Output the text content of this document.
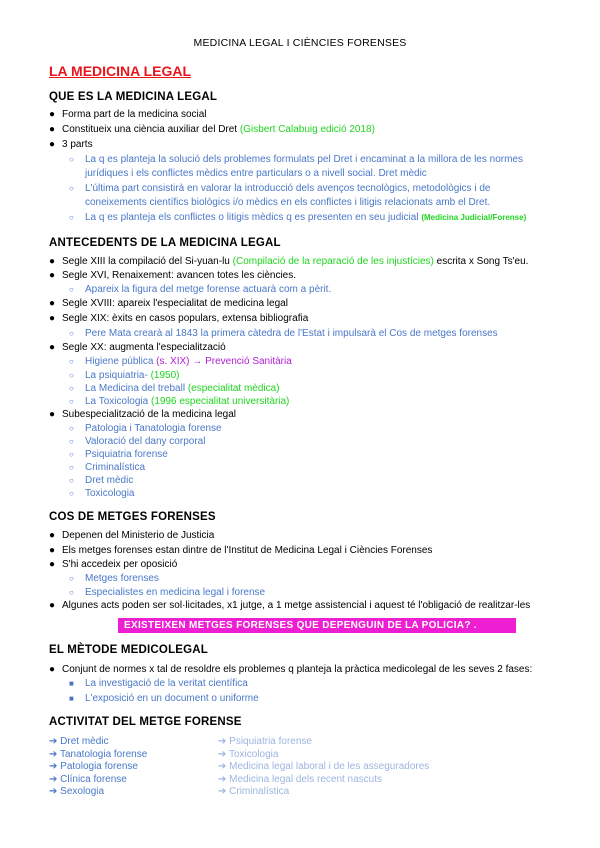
MEDICINA LEGAL I CIÈNCIES FORENSES
LA MEDICINA LEGAL
QUE ES LA MEDICINA LEGAL
● Forma part de la medicina social
● Constitueix una ciència auxiliar del Dret (Gisbert Calabuig edició 2018)
● 3 parts
○ La q es planteja la solució dels problemes formulats pel Dret i encaminat a la millora de les normes
jurídiques i els conflictes mèdics entre particulars o a nivell social. Dret mèdic
○ L'última part consistirà en valorar la introducció dels avenços tecnològics, metodològics i de
coneixements científics biològics i/o mèdics en els conflictes i litigis relacionats amb el Dret.
○ La q es planteja els conflictes o litigis mèdics q es presenten en seu judicial (Medicina Judicial/Forense)
ANTECEDENTS DE LA MEDICINA LEGAL
● Segle XIII la compilació del Si-yuan-lu (Compilació de la reparació de les injustícies) escrita x Song Ts'eu.
● Segle XVI, Renaixement: avancen totes les ciències.
○ Apareix la figura del metge forense actuarà com a pèrit.
● Segle XVIII: apareix l'especialitat de medicina legal
● Segle XIX: èxits en casos populars, extensa bibliografia
○ Pere Mata crearà al 1843 la primera càtedra de l'Estat i impulsarà el Cos de metges forenses
● Segle XX: augmenta l'especialització
○ Higiene pública (s. XIX) → Prevenció Sanitària
○ La psiquiatria- (1950)
○ La Medicina del treball (especialitat mèdica)
○ La Toxicologia (1996 especialitat universitària)
● Subespecialització de la medicina legal
○ Patologia i Tanatologia forense
○ Valoració del dany corporal
○ Psiquiatria forense
○ Criminalística
○ Dret mèdic
○ Toxicologia
COS DE METGES FORENSES
● Depenen del Ministerio de Justicia
● Els metges forenses estan dintre de l'Institut de Medicina Legal i Ciències Forenses
● S'hi accedeix per oposició
○ Metges forenses
○ Especialistes en medicina legal i forense
● Algunes acts poden ser sol·licitades, x1 jutge, a 1 metge assistencial i aquest té l'obligació de realitzar-les
EXISTEIXEN METGES FORENSES QUE DEPENGUIN DE LA POLICIA? .
EL MÈTODE MEDICOLEGAL
● Conjunt de normes x tal de resoldre els problemes q planteja la pràctica medicolegal de les seves 2 fases:
■ La investigació de la veritat científica
■ L'exposició en un document o uniforme
ACTIVITAT DEL METGE FORENSE
➔ Dret mèdic
➔ Tanatologia forense
➔ Patologia forense
➔ Clínica forense
➔ Sexologia
➔ Psiquiatria forense
➔ Toxicologia
➔ Medicina legal laboral i de les asseguradores
➔ Medicina legal dels recent nascuts
➔ Criminalística
